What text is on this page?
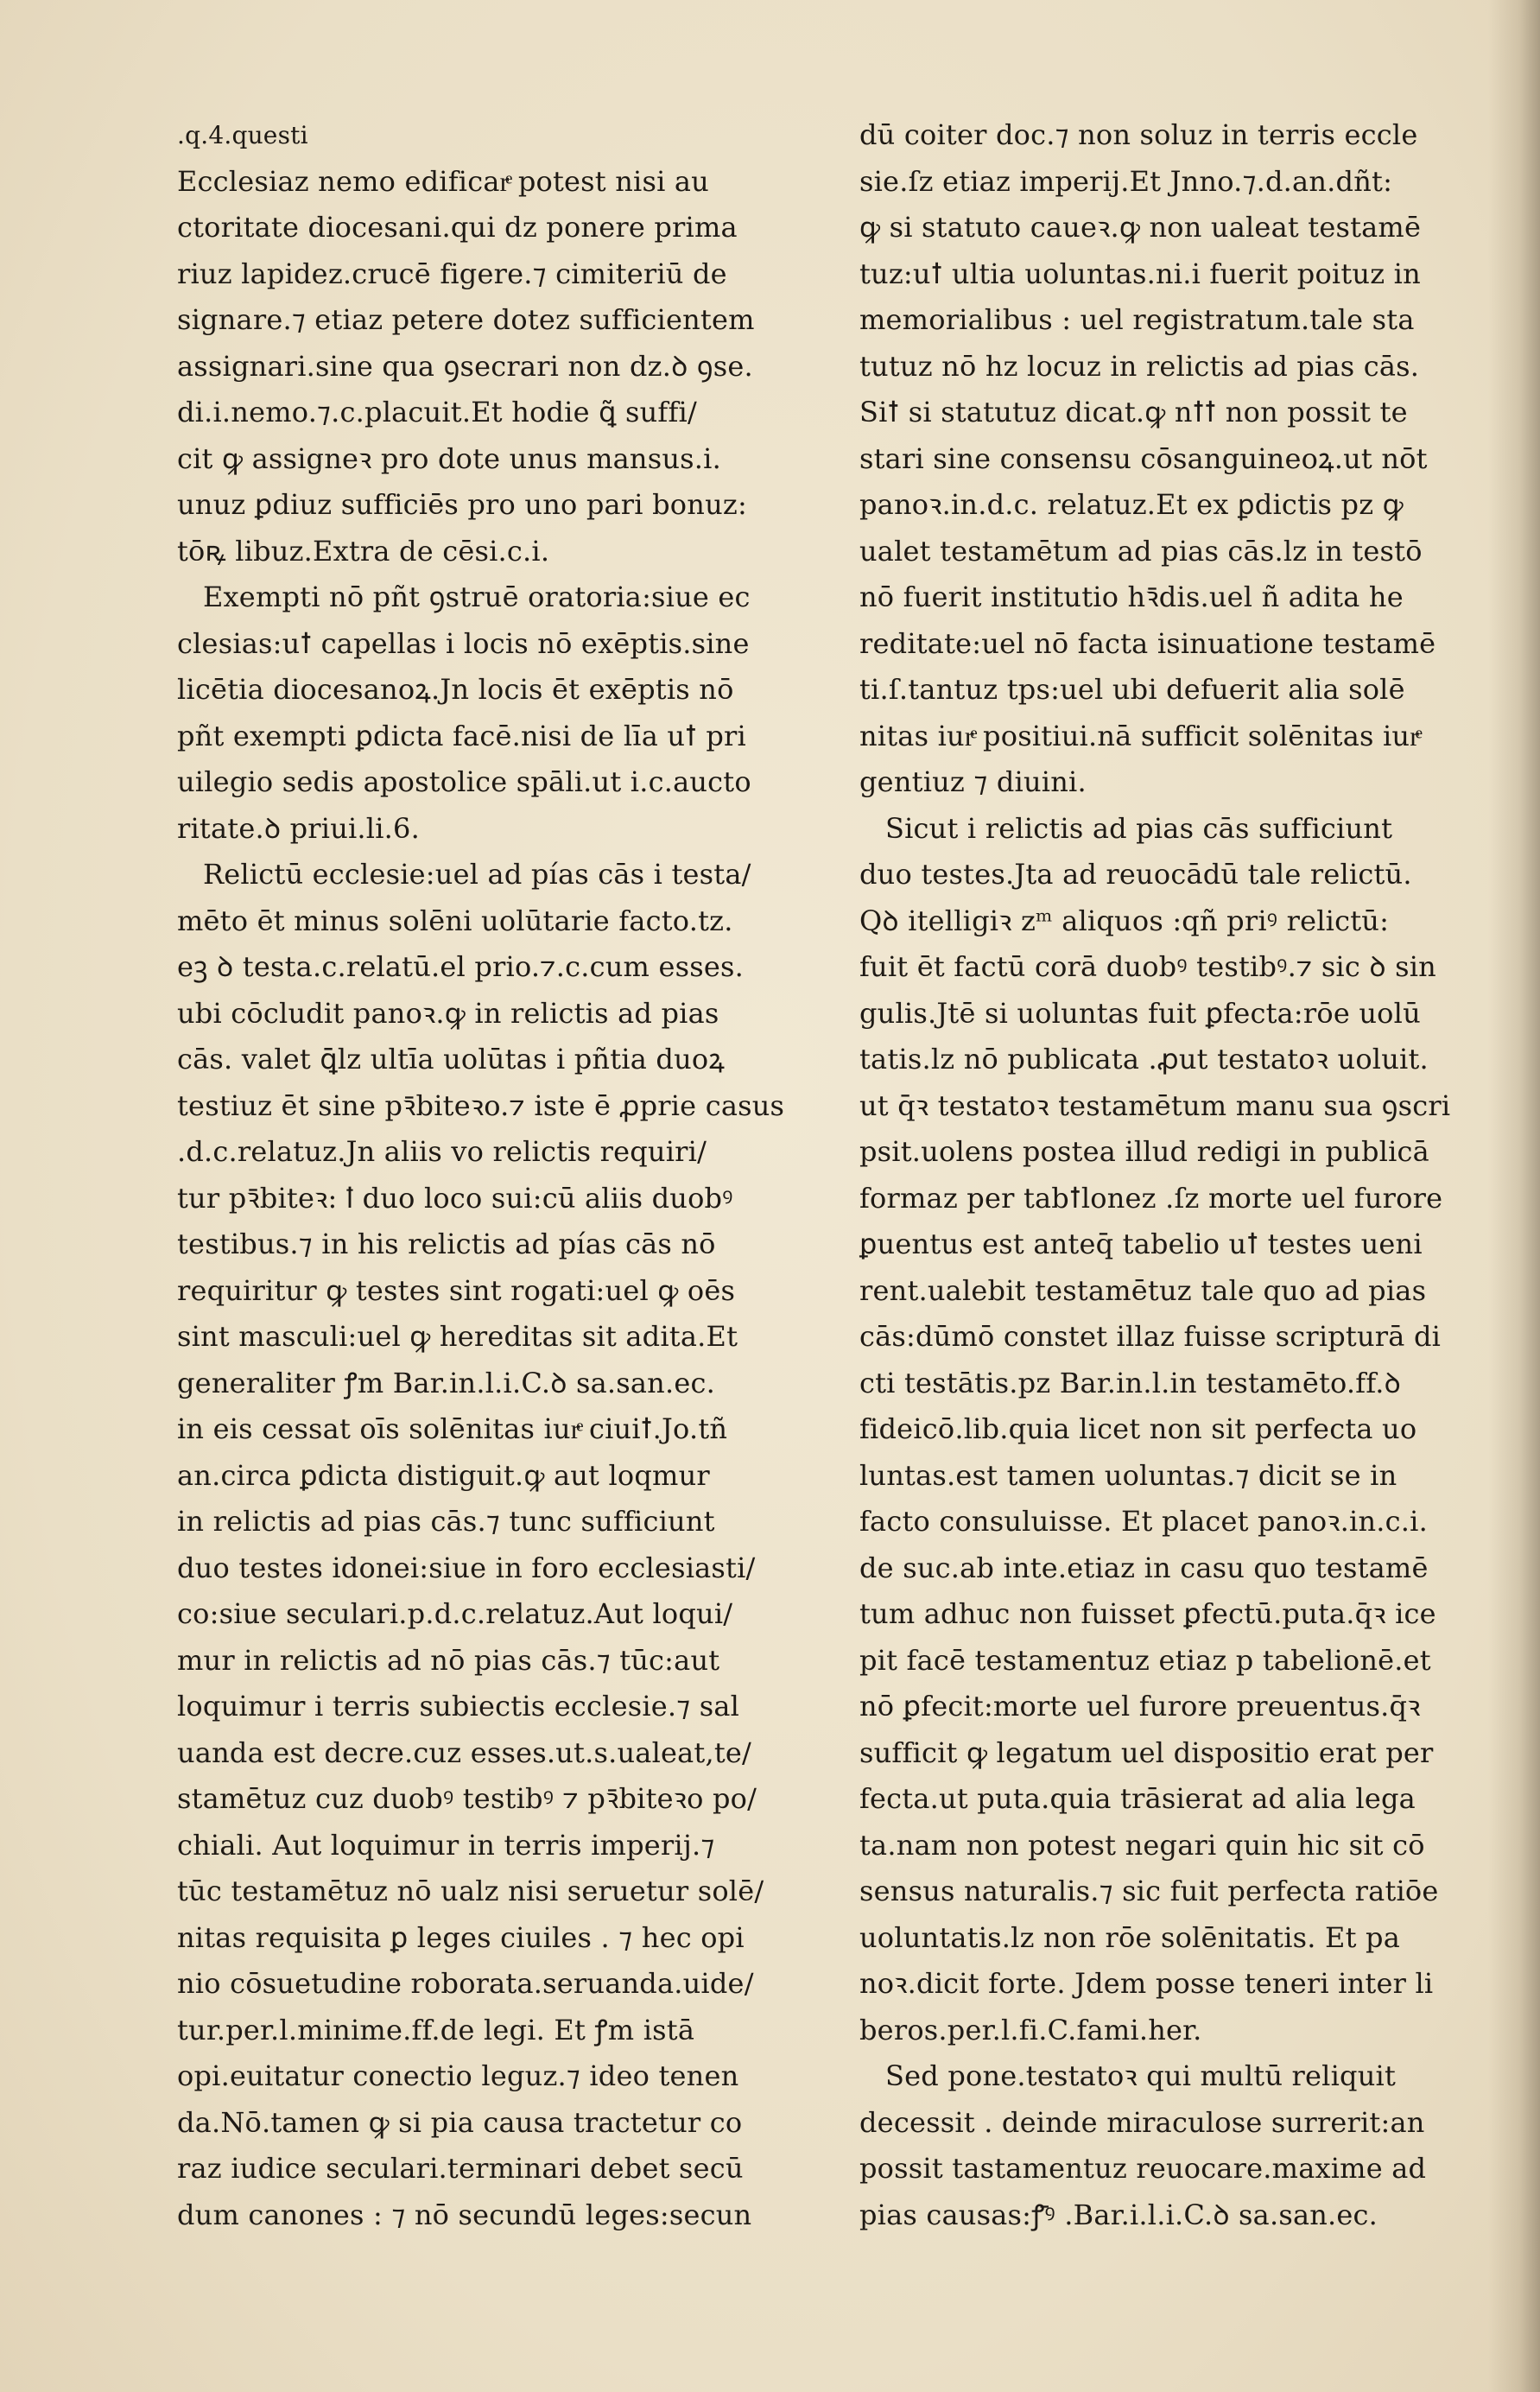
.q.4.questi
Ecclesiaz nemo edificarͤ potest nisi au
ctoritate diocesani.qui dz ponere prima
riuz lapidez.crucē figere.⁊ cimiteriū de
signare.⁊ etiaz petere dotez sufficientem
assignari.sine qua ꝯsecrari non dz.ꝺ ꝯse.
di.i.nemo.⁊.c.placuit.Et hodie ꝗ͂ suffi/
cit ꝙ assigneꝛ pro dote unus mansus.i.
unuz ꝑdiuz sufficiēs pro uno pari bonuz:
tōꝶ libuz.Extra de cēsi.c.i.
Exempti nō pñt ꝯstruē oratoria:siue ec
clesias:uꝉ capellas i locis nō exēptis.sine
licētia diocesanoꝝ.Jn locis ēt exēptis nō
pñt exempti ꝑdicta facē.nisi de līa uꝉ pri
uilegio sedis apostolice spāli.ut i.c.aucto
ritate.ꝺ priui.li.6.
Relictū ecclesie:uel ad pías cās i testa/
mēto ēt minus solēni uolūtarie facto.tz.
eꝫ ꝺ testa.c.relatū.el prio.⁊.c.cum esses.
ubi cōcludit panoꝛ.ꝙ in relictis ad pias
cās. valet ꝗ̄lz ultīa uolūtas i pñtia duoꝝ
testiuz ēt sine pꝛ̄biteꝛo.⁊ iste ē ꝓprie casus
.d.c.relatuz.Jn aliis vo relictis requiri/
tur pꝛ̄biteꝛ: ꝉ duo loco sui:cū aliis duobꝰ
testibus.⁊ in his relictis ad pías cās nō
requiritur ꝙ testes sint rogati:uel ꝙ oēs
sint masculi:uel ꝙ hereditas sit adita.Et
generaliter ꝭm Bar.in.l.i.C.ꝺ sa.san.ec.
in eis cessat oīs solēnitas iurͤ ciuiꝉ.Jo.tñ
an.circa ꝑdicta distiguit.ꝙ aut loqmur
in relictis ad pias cās.⁊ tunc sufficiunt
duo testes idonei:siue in foro ecclesiasti/
co:siue seculari.p.d.c.relatuz.Aut loqui/
mur in relictis ad nō pias cās.⁊ tūc:aut
loquimur i terris subiectis ecclesie.⁊ sal
uanda est decre.cuz esses.ut.s.ualeat,te/
stamētuz cuz duobꝰ testibꝰ ⁊ pꝛ̄biteꝛo po/
chiali. Aut loquimur in terris imperij.⁊
tūc testamētuz nō ualz nisi seruetur solē/
nitas requisita ꝑ leges ciuiles . ⁊ hec opi
nio cōsuetudine roborata.seruanda.uide/
tur.per.l.minime.ff.de legi. Et ꝭm istā
opi.euitatur conectio leguz.⁊ ideo tenen
da.Nō.tamen ꝙ si pia causa tractetur co
raz iudice seculari.terminari debet secū
dum canones : ⁊ nō secundū leges:secun
dū coiter doc.⁊ non soluz in terris eccle
sie.ſz etiaz imperij.Et Jnno.⁊.d.an.dñt:
ꝙ si statuto caueꝛ.ꝙ non ualeat testamē
tuz:uꝉ ultia uoluntas.ni.i fuerit poituz in
memorialibus : uel registratum.tale sta
tutuz nō hz locuz in relictis ad pias cās.
Siꝉ si statutuz dicat.ꝙ nꝉꝉ non possit te
stari sine consensu cōsanguineoꝝ.ut nōt
panoꝛ.in.d.c. relatuz.Et ex ꝑdictis pz ꝙ
ualet testamētum ad pias cās.lz in testō
nō fuerit institutio hꝛ̄dis.uel ñ adita he
reditate:uel nō facta isinuatione testamē
ti.ſ.tantuz tps:uel ubi defuerit alia solē
nitas iurͤ positiui.nā sufficit solēnitas iurͤ
gentiuz ⁊ diuini.
Sicut i relictis ad pias cās sufficiunt
duo testes.Jta ad reuocādū tale relictū.
Qꝺ itelligiꝛ zᵐ aliquos :qñ priꝰ relictū:
fuit ēt factū corā duobꝰ testibꝰ.⁊ sic ꝺ sin
gulis.Jtē si uoluntas fuit ꝑfecta:rōe uolū
tatis.lz nō publicata .ꝓut testatoꝛ uoluit.
ut q̄ꝛ testatoꝛ testamētum manu sua ꝯscri
psit.uolens postea illud redigi in publicā
formaz per tabꝉlonez .ſz morte uel furore
ꝑuentus est anteq̄ tabelio uꝉ testes ueni
rent.ualebit testamētuz tale quo ad pias
cās:dūmō constet illaz fuisse scripturā di
cti testātis.pz Bar.in.l.in testamēto.ff.ꝺ
fideicō.lib.quia licet non sit perfecta uo
luntas.est tamen uoluntas.⁊ dicit se in
facto consuluisse. Et placet panoꝛ.in.c.i.
de suc.ab inte.etiaz in casu quo testamē
tum adhuc non fuisset ꝑfectū.puta.q̄ꝛ ice
pit facē testamentuz etiaz p tabelionē.et
nō ꝑfecit:morte uel furore preuentus.q̄ꝛ
sufficit ꝙ legatum uel dispositio erat per
fecta.ut puta.quia trāsierat ad alia lega
ta.nam non potest negari quin hic sit cō
sensus naturalis.⁊ sic fuit perfecta ratiōe
uoluntatis.lz non rōe solēnitatis. Et pa
noꝛ.dicit forte. Jdem posse teneri inter li
beros.per.l.fi.C.fami.her.
Sed pone.testatoꝛ qui multū reliquit
decessit . deinde miraculose surrerit:an
possit tastamentuz reuocare.maxime ad
pias causas:ꝭ̄ꝰ .Bar.i.l.i.C.ꝺ sa.san.ec.
